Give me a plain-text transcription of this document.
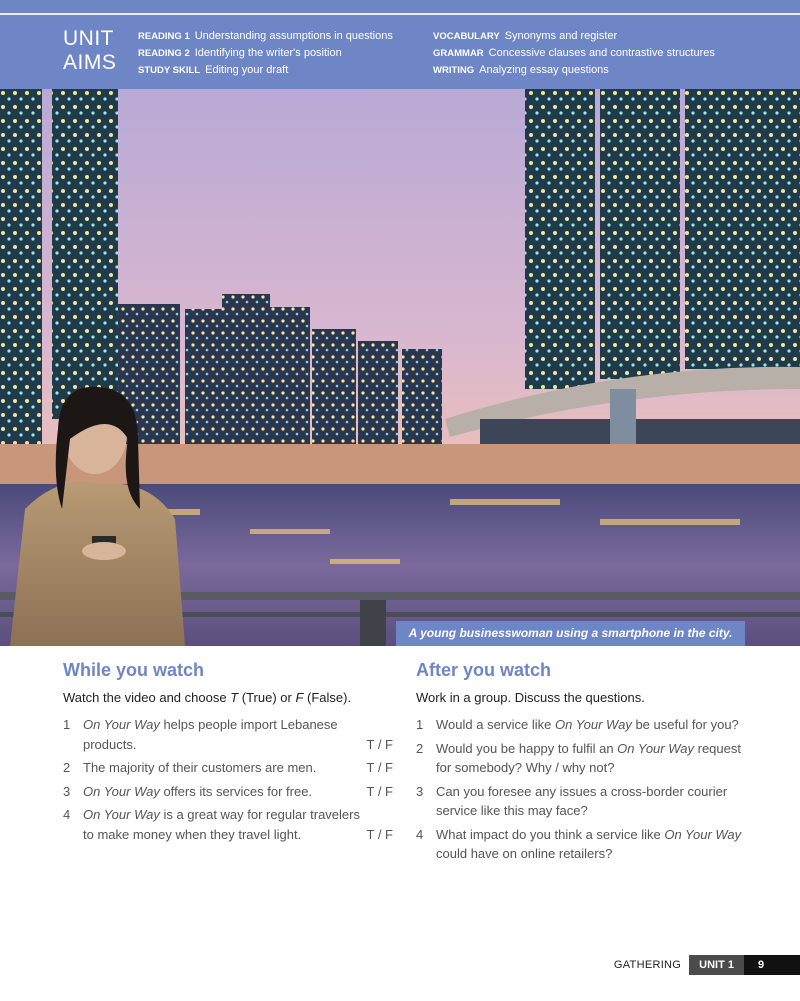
UNIT
AIMS
READING 1 Understanding assumptions in questions
READING 2 Identifying the writer's position
STUDY SKILL Editing your draft
VOCABULARY Synonyms and register
GRAMMAR Concessive clauses and contrastive structures
WRITING Analyzing essay questions
A young businesswoman using a smartphone in the city.
While you watch
Watch the video and choose T (True) or F (False).
1 On Your Way helps people import Lebanese products.	T / F
2 The majority of their customers are men.	T / F
3 On Your Way offers its services for free.	T / F
4 On Your Way is a great way for regular travelers to make money when they travel light.	T / F
After you watch
Work in a group. Discuss the questions.
1 Would a service like On Your Way be useful for you?
2 Would you be happy to fulfil an On Your Way request for somebody? Why / why not?
3 Can you foresee any issues a cross-border courier service like this may face?
4 What impact do you think a service like On Your Way could have on online retailers?
GATHERING	UNIT 1	9
